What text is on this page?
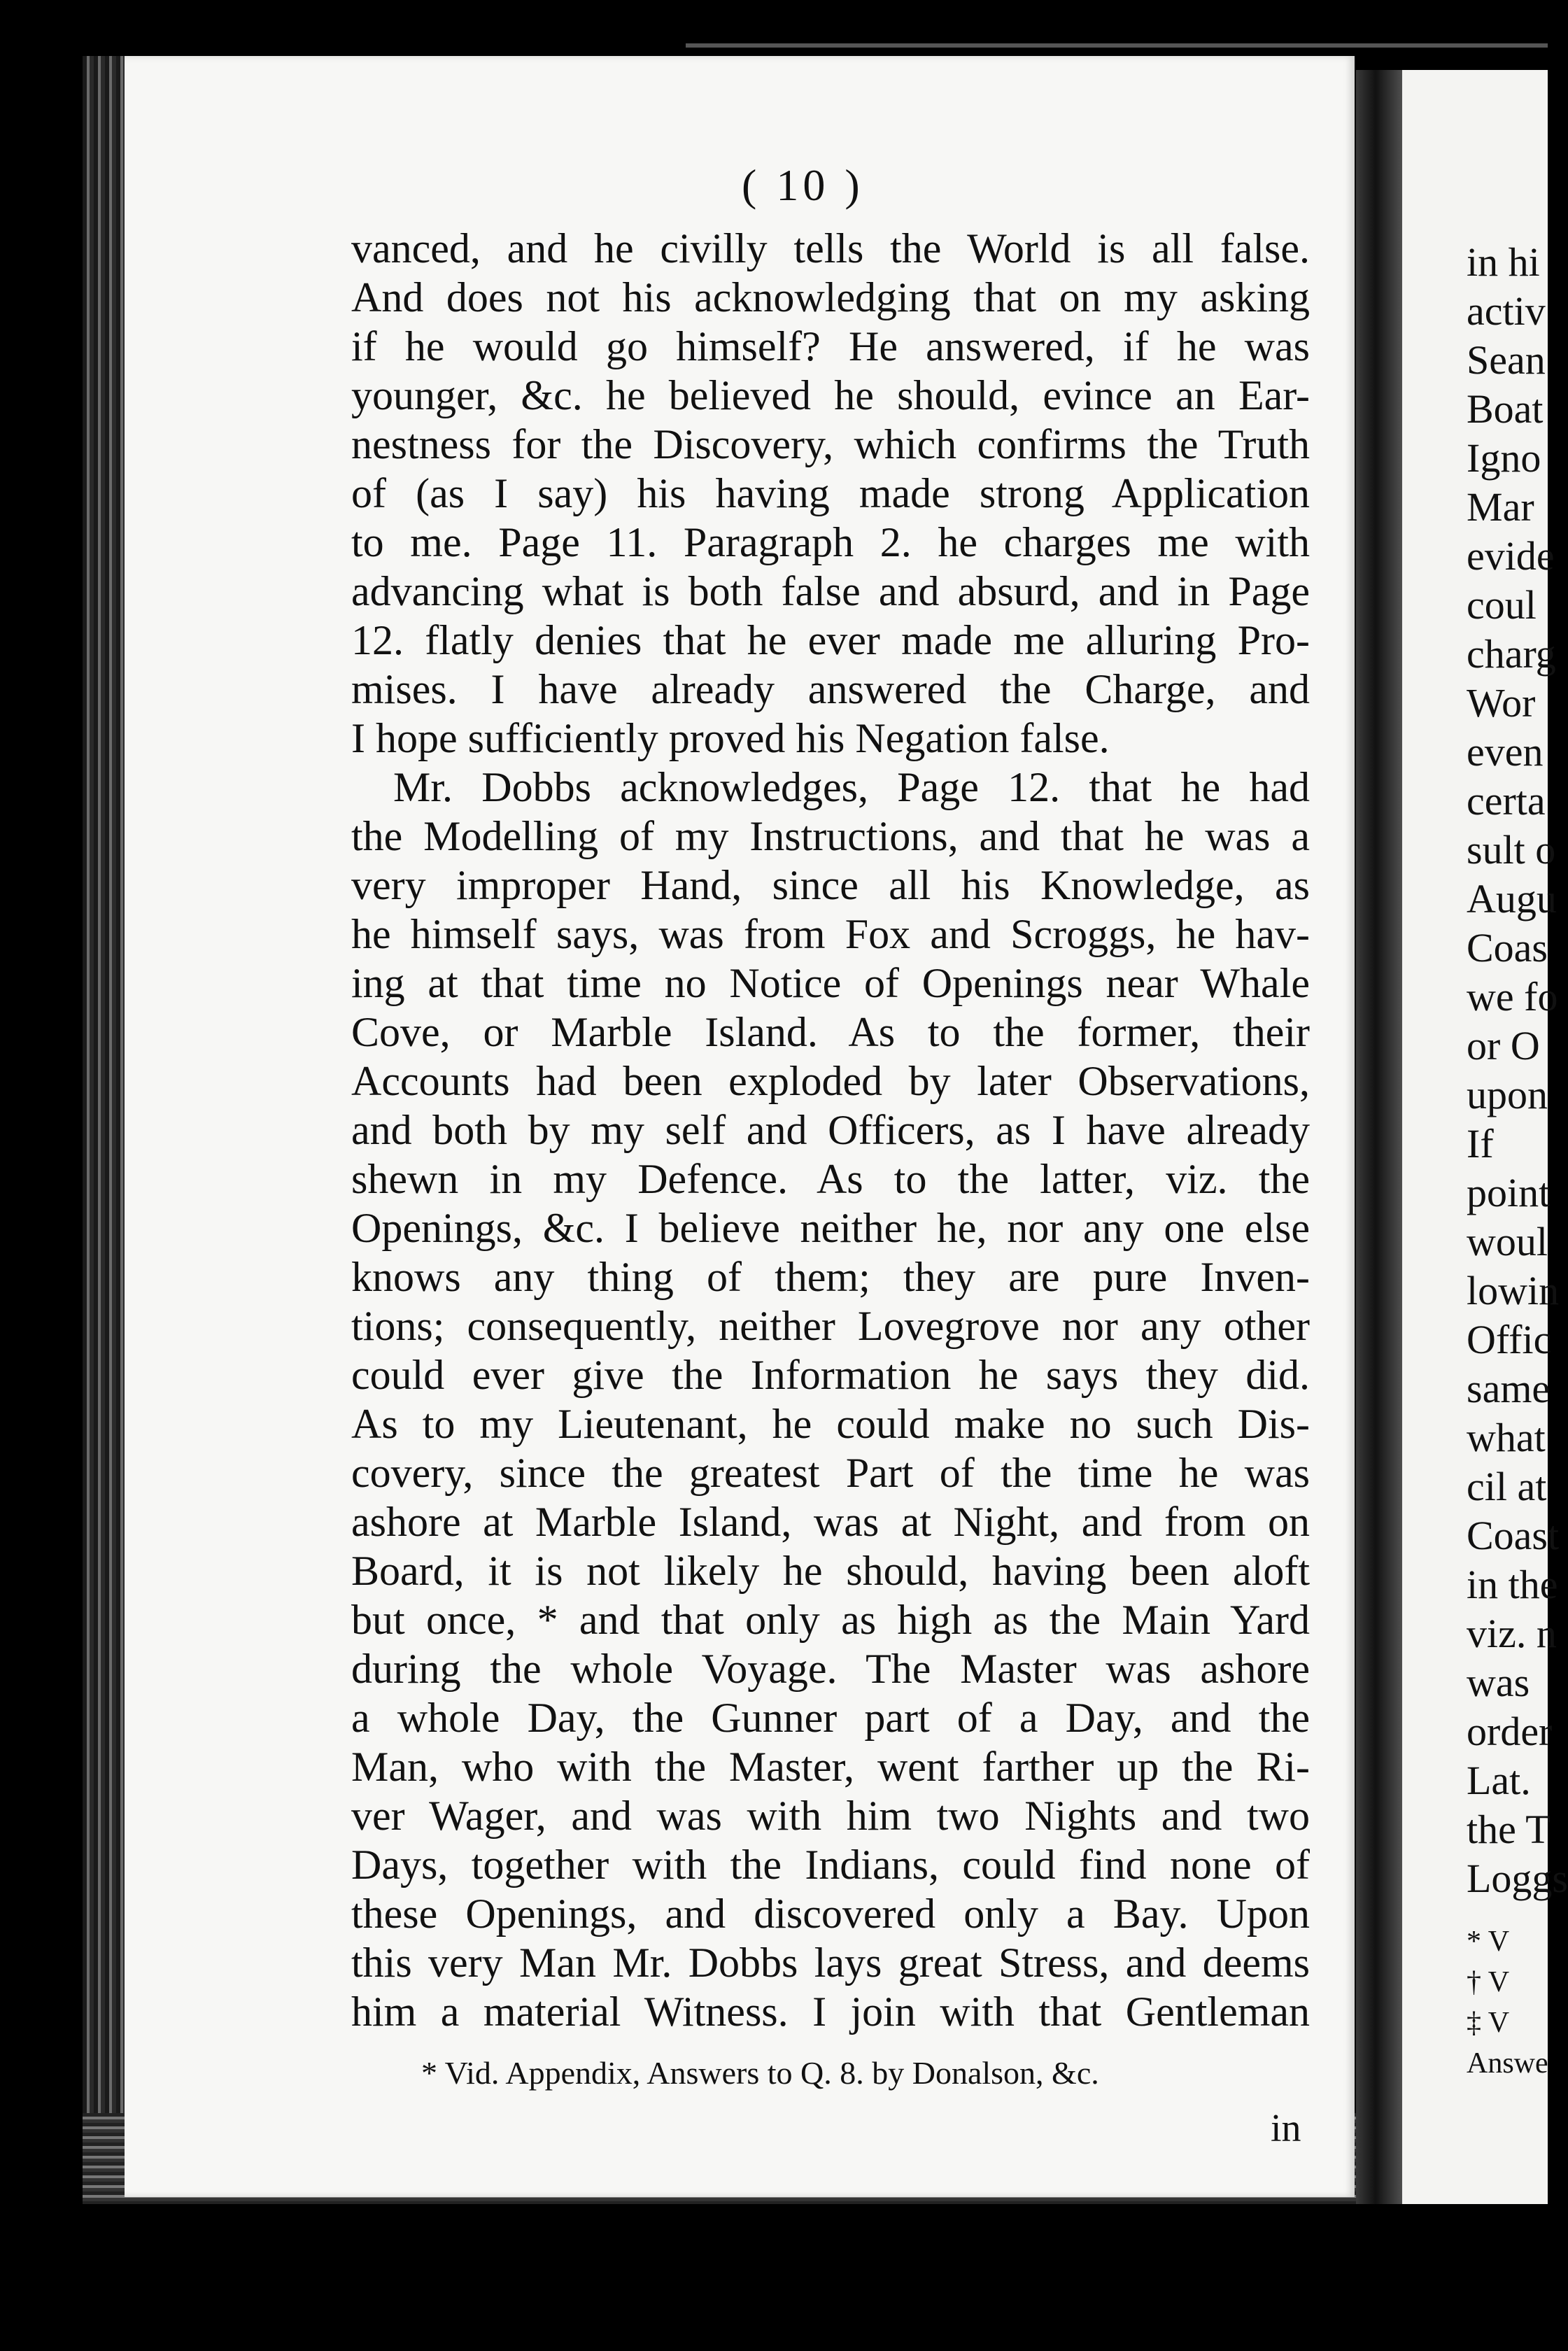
( 10 )
vanced, and he civilly tells the World is all false.
And does not his acknowledging that on my asking
if he would go himself? He answered, if he was
younger, &c. he believed he should, evince an Ear-
nestness for the Discovery, which confirms the Truth
of (as I say) his having made strong Application
to me. Page 11. Paragraph 2. he charges me with
advancing what is both false and absurd, and in Page
12. flatly denies that he ever made me alluring Pro-
mises. I have already answered the Charge, and
I hope sufficiently proved his Negation false.
Mr. Dobbs acknowledges, Page 12. that he had
the Modelling of my Instructions, and that he was a
very improper Hand, since all his Knowledge, as
he himself says, was from Fox and Scroggs, he hav-
ing at that time no Notice of Openings near Whale
Cove, or Marble Island. As to the former, their
Accounts had been exploded by later Observations,
and both by my self and Officers, as I have already
shewn in my Defence. As to the latter, viz. the
Openings, &c. I believe neither he, nor any one else
knows any thing of them; they are pure Inven-
tions; consequently, neither Lovegrove nor any other
could ever give the Information he says they did.
As to my Lieutenant, he could make no such Dis-
covery, since the greatest Part of the time he was
ashore at Marble Island, was at Night, and from on
Board, it is not likely he should, having been aloft
but once, * and that only as high as the Main Yard
during the whole Voyage. The Master was ashore
a whole Day, the Gunner part of a Day, and the
Man, who with the Master, went farther up the Ri-
ver Wager, and was with him two Nights and two
Days, together with the Indians, could find none of
these Openings, and discovered only a Bay. Upon
this very Man Mr. Dobbs lays great Stress, and deems
him a material Witness. I join with that Gentleman
* Vid. Appendix, Answers to Q. 8. by Donalson, &c.
in
in hi
activ
Sean
Boat
Igno
Mar
evide
coul
charg
Wor
even
certa
sult o
Augu
Coas
we fo
or O
upon
If
point
woul
lowin
Offic
same
what
cil at
Coast
in the
viz. n
was
order
Lat.
the T
Loggs
* V
† V
‡ V
Answe
